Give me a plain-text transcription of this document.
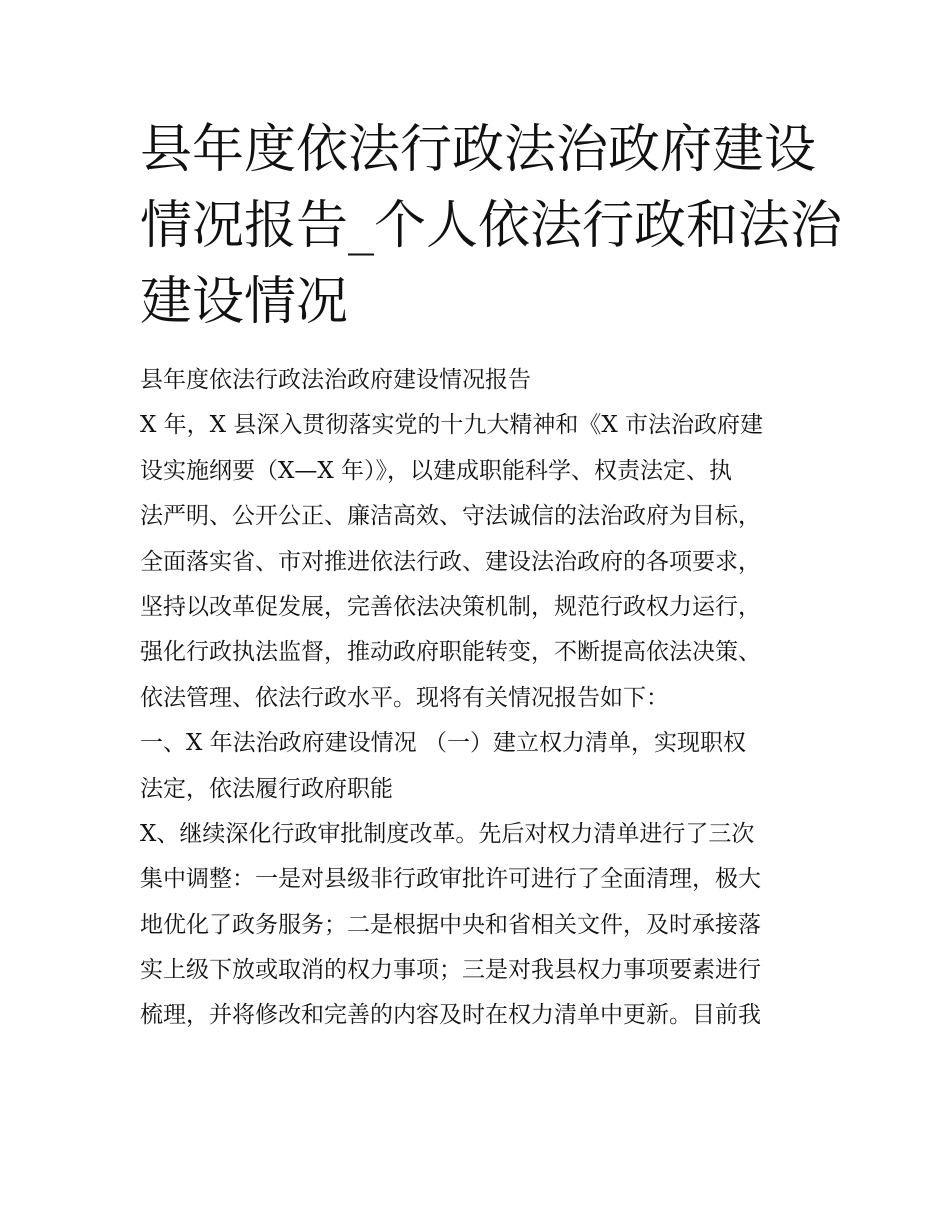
县年度依法行政法治政府建设
情况报告_个人依法行政和法治
建设情况
县年度依法行政法治政府建设情况报告
X 年，X 县深入贯彻落实党的十九大精神和《X 市法治政府建
设实施纲要（X—X 年）》，以建成职能科学、权责法定、执
法严明、公开公正、廉洁高效、守法诚信的法治政府为目标，
全面落实省、市对推进依法行政、建设法治政府的各项要求，
坚持以改革促发展，完善依法决策机制，规范行政权力运行，
强化行政执法监督，推动政府职能转变，不断提高依法决策、
依法管理、依法行政水平。现将有关情况报告如下：
一、X 年法治政府建设情况 （一）建立权力清单，实现职权
法定，依法履行政府职能
X、继续深化行政审批制度改革。先后对权力清单进行了三次
集中调整：一是对县级非行政审批许可进行了全面清理，极大
地优化了政务服务；二是根据中央和省相关文件，及时承接落
实上级下放或取消的权力事项；三是对我县权力事项要素进行
梳理，并将修改和完善的内容及时在权力清单中更新。目前我
